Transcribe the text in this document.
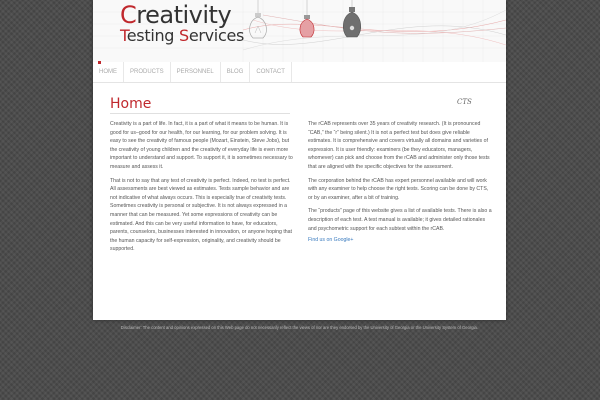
Creativity
Testing Services
HOME	PRODUCTS	PERSONNEL	BLOG	CONTACT
Home	CTS

Creativity is a part of life. In fact, it is a part of what it means to be human. It is good for us–good for our health, for our learning, for our problem solving. It is easy to see the creativity of famous people (Mozart, Einstein, Steve Jobs), but the creativity of young children and the creativity of everyday life is even more important to understand and support. To support it, it is sometimes necessary to measure and assess it.

That is not to say that any test of creativity is perfect. Indeed, no test is perfect. All assessments are best viewed as estimates. Tests sample behavior and are not indicative of what always occurs. This is especially true of creativity tests. Sometimes creativity is personal or subjective. It is not always expressed in a manner that can be measured. Yet some expressions of creativity can be estimated. And this can be very useful information to have, for educators, parents, counselors, businesses interested in innovation, or anyone hoping that the human capacity for self-expression, originality, and creativity should be supported.

The rCAB represents over 35 years of creativity research. (It is pronounced “CAB,” the “r” being silent.) It is not a perfect test but does give reliable estimates. It is comprehensive and covers virtually all domains and varieties of expression. It is user friendly: examiners (be they educators, managers, whomever) can pick and choose from the rCAB and administer only those tests that are aligned with the specific objectives for the assessment.

The corporation behind the rCAB has expert personnel available and will work with any examiner to help choose the right tests. Scoring can be done by CTS, or by an examiner, after a bit of training.

The “products” page of this website gives a list of available tests. There is also a description of each test. A test manual is available; it gives detailed rationales and psychometric support for each subtest within the rCAB.

Find us on Google+

Disclaimer: The content and opinions expressed on this Web page do not necessarily reflect the views of nor are they endorsed by the University of Georgia or the University System of Georgia.
